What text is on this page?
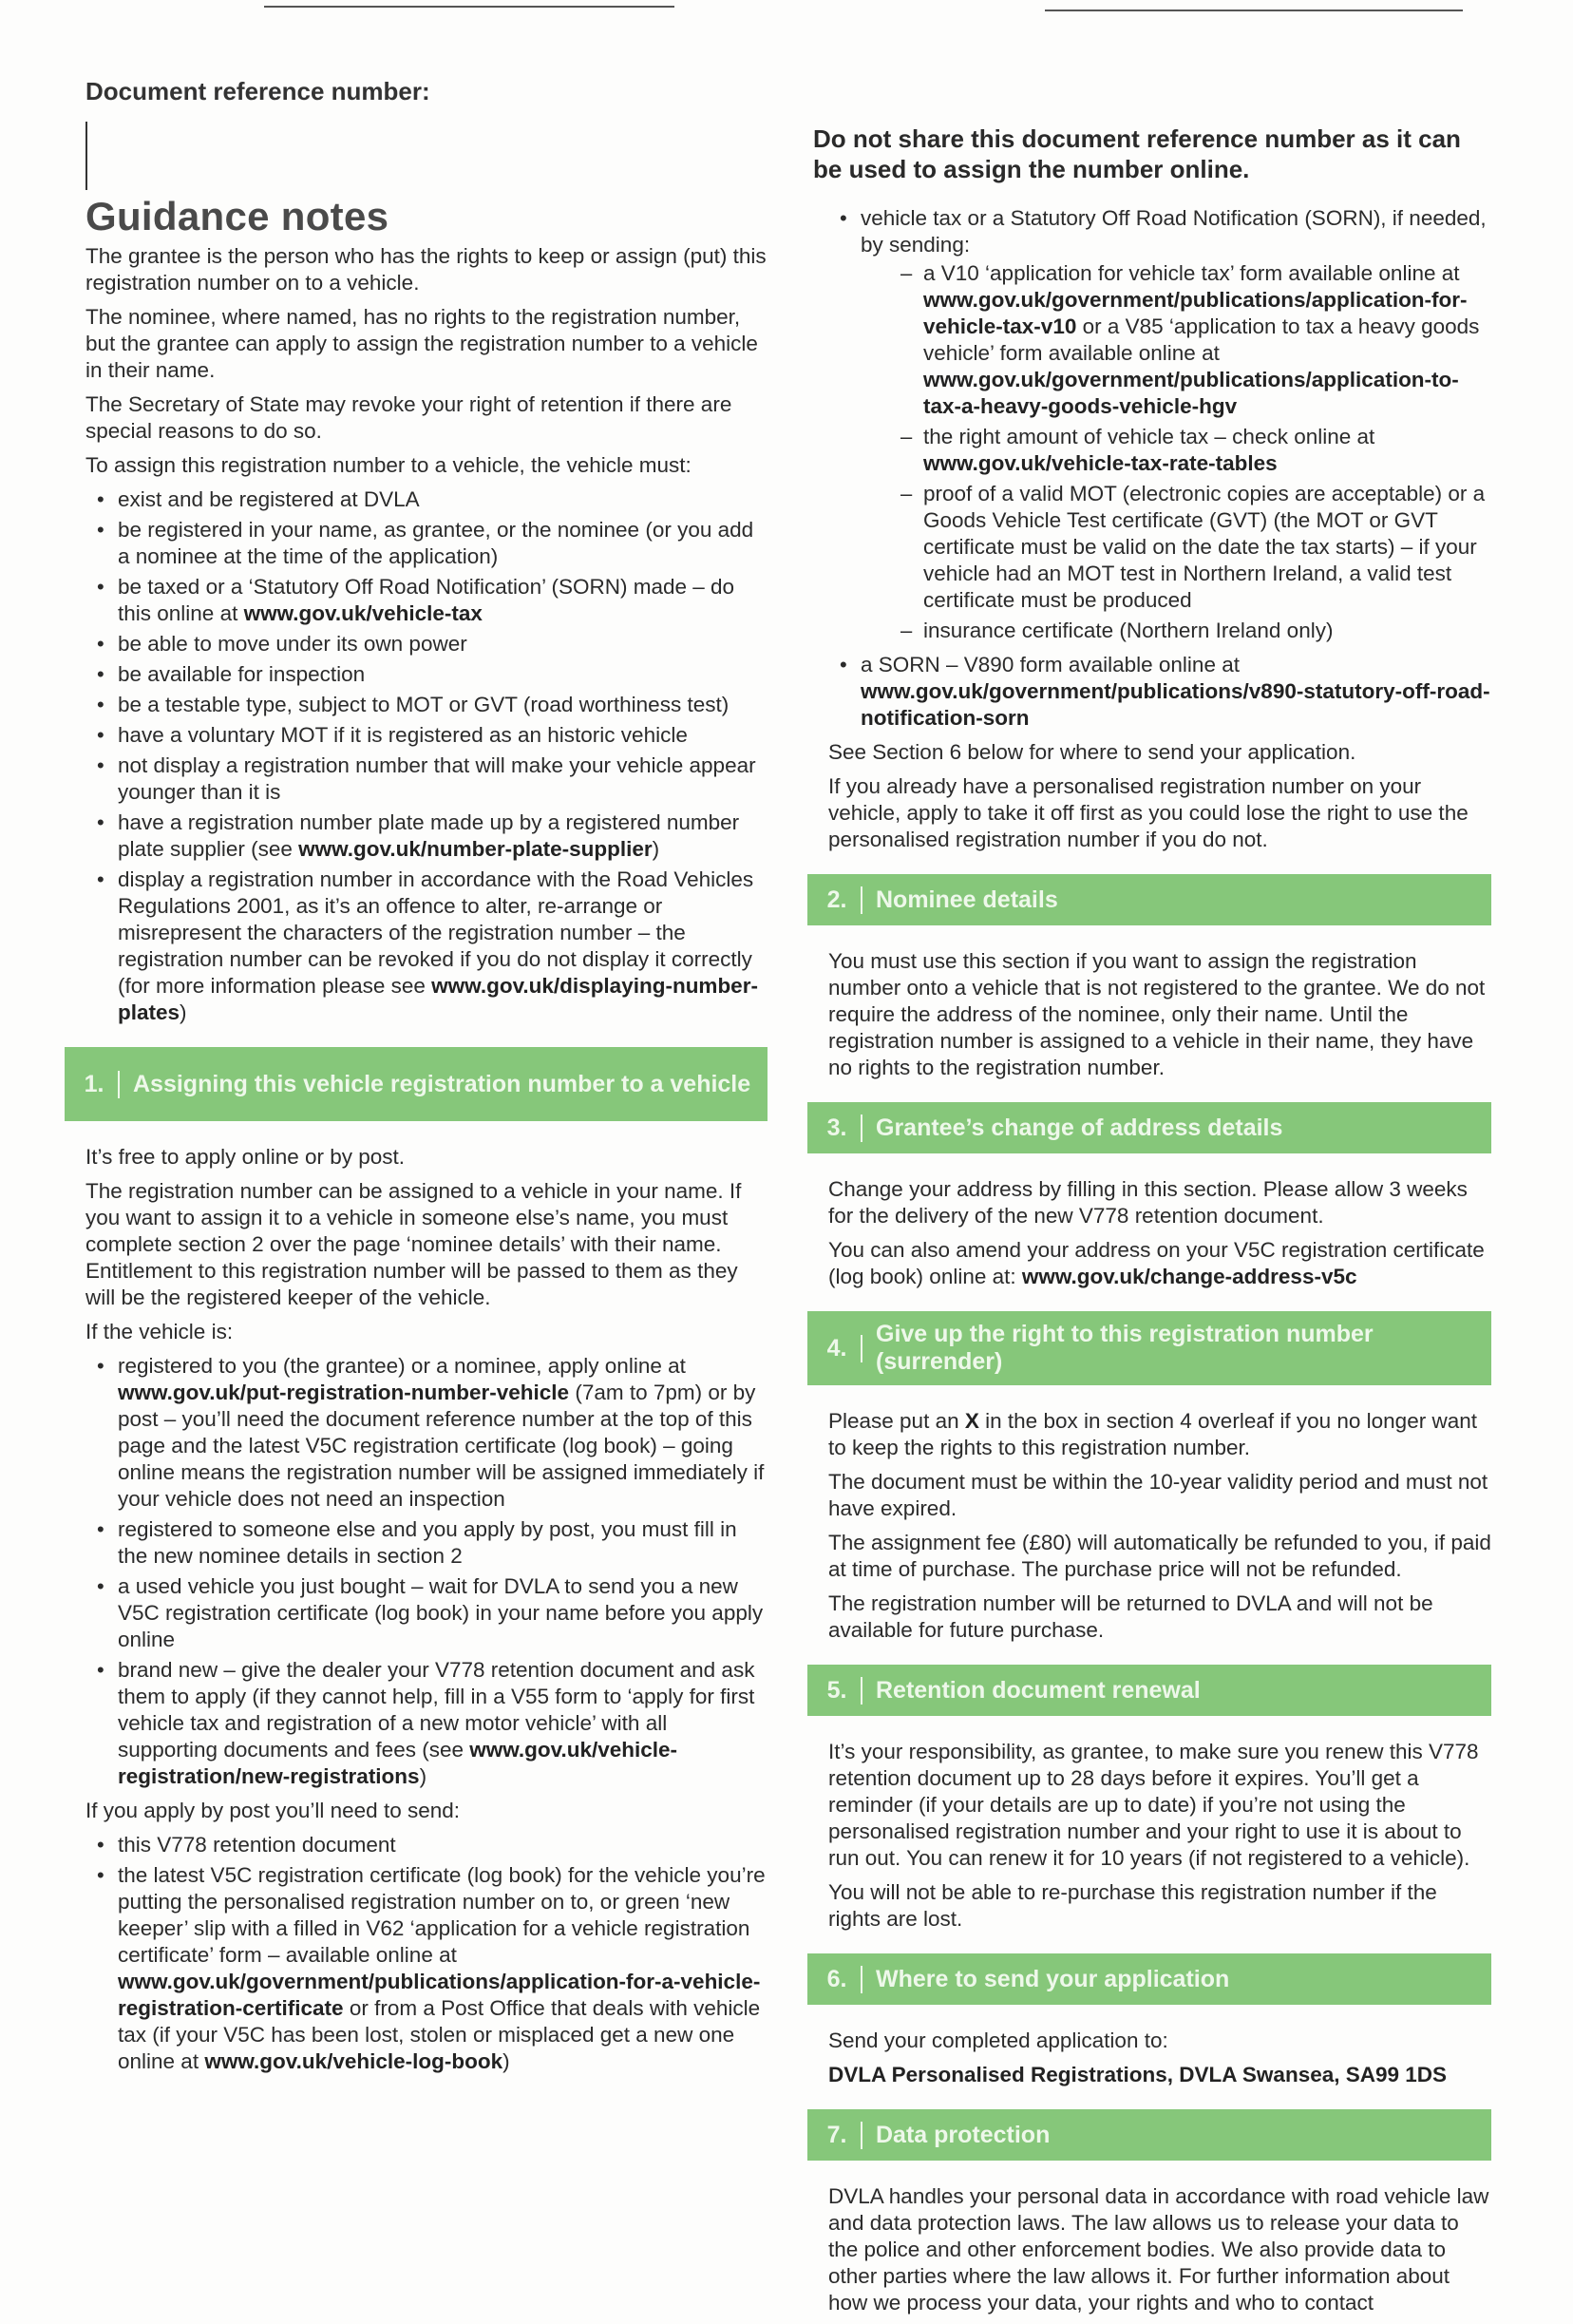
Document reference number:
Guidance notes

The grantee is the person who has the rights to keep or assign (put) this registration number on to a vehicle.

The nominee, where named, has no rights to the registration number, but the grantee can apply to assign the registration number to a vehicle in their name.

The Secretary of State may revoke your right of retention if there are special reasons to do so.

To assign this registration number to a vehicle, the vehicle must:

• exist and be registered at DVLA
• be registered in your name, as grantee, or the nominee (or you add a nominee at the time of the application)
• be taxed or a ‘Statutory Off Road Notification’ (SORN) made – do this online at www.gov.uk/vehicle-tax
• be able to move under its own power
• be available for inspection
• be a testable type, subject to MOT or GVT (road worthiness test)
• have a voluntary MOT if it is registered as an historic vehicle
• not display a registration number that will make your vehicle appear younger than it is
• have a registration number plate made up by a registered number plate supplier (see www.gov.uk/number-plate-supplier)
• display a registration number in accordance with the Road Vehicles Regulations 2001, as it’s an offence to alter, re-arrange or misrepresent the characters of the registration number – the registration number can be revoked if you do not display it correctly (for more information please see www.gov.uk/displaying-number-plates)
1.	Assigning this vehicle registration number to a vehicle

It’s free to apply online or by post.

The registration number can be assigned to a vehicle in your name. If you want to assign it to a vehicle in someone else’s name, you must complete section 2 over the page ‘nominee details’ with their name. Entitlement to this registration number will be passed to them as they will be the registered keeper of the vehicle.

If the vehicle is:

• registered to you (the grantee) or a nominee, apply online at www.gov.uk/put-registration-number-vehicle (7am to 7pm) or by post – you’ll need the document reference number at the top of this page and the latest V5C registration certificate (log book) – going online means the registration number will be assigned immediately if your vehicle does not need an inspection
• registered to someone else and you apply by post, you must fill in the new nominee details in section 2
• a used vehicle you just bought – wait for DVLA to send you a new V5C registration certificate (log book) in your name before you apply online
• brand new – give the dealer your V778 retention document and ask them to apply (if they cannot help, fill in a V55 form to ‘apply for first vehicle tax and registration of a new motor vehicle’ with all supporting documents and fees (see www.gov.uk/vehicle-registration/new-registrations)

If you apply by post you’ll need to send:

• this V778 retention document
• the latest V5C registration certificate (log book) for the vehicle you’re putting the personalised registration number on to, or green ‘new keeper’ slip with a filled in V62 ‘application for a vehicle registration certificate’ form – available online at www.gov.uk/government/publications/application-for-a-vehicle-registration-certificate or from a Post Office that deals with vehicle tax (if your V5C has been lost, stolen or misplaced get a new one online at www.gov.uk/vehicle-log-book)
Do not share this document reference number as it can be used to assign the number online.
• vehicle tax or a Statutory Off Road Notification (SORN), if needed, by sending:
– a V10 ‘application for vehicle tax’ form available online at www.gov.uk/government/publications/application-for-vehicle-tax-v10 or a V85 ‘application to tax a heavy goods vehicle’ form available online at www.gov.uk/government/publications/application-to-tax-a-heavy-goods-vehicle-hgv
– the right amount of vehicle tax – check online at www.gov.uk/vehicle-tax-rate-tables
– proof of a valid MOT (electronic copies are acceptable) or a Goods Vehicle Test certificate (GVT) (the MOT or GVT certificate must be valid on the date the tax starts) – if your vehicle had an MOT test in Northern Ireland, a valid test certificate must be produced
– insurance certificate (Northern Ireland only)
• a SORN – V890 form available online at www.gov.uk/government/publications/v890-statutory-off-road-notification-sorn

See Section 6 below for where to send your application.

If you already have a personalised registration number on your vehicle, apply to take it off first as you could lose the right to use the personalised registration number if you do not.

2.	Nominee details

You must use this section if you want to assign the registration number onto a vehicle that is not registered to the grantee. We do not require the address of the nominee, only their name. Until the registration number is assigned to a vehicle in their name, they have no rights to the registration number.

3.	Grantee’s change of address details

Change your address by filling in this section. Please allow 3 weeks for the delivery of the new V778 retention document.

You can also amend your address on your V5C registration certificate (log book) online at: www.gov.uk/change-address-v5c

4.
Give up the right to this registration number (surrender)

Please put an X in the box in section 4 overleaf if you no longer want to keep the rights to this registration number.

The document must be within the 10-year validity period and must not have expired.

The assignment fee (£80) will automatically be refunded to you, if paid at time of purchase. The purchase price will not be refunded.

The registration number will be returned to DVLA and will not be available for future purchase.

5.	Retention document renewal

It’s your responsibility, as grantee, to make sure you renew this V778 retention document up to 28 days before it expires. You’ll get a reminder (if your details are up to date) if you’re not using the personalised registration number and your right to use it is about to run out. You can renew it for 10 years (if not registered to a vehicle).

You will not be able to re-purchase this registration number if the rights are lost.

6.	Where to send your application

Send your completed application to:

DVLA Personalised Registrations, DVLA Swansea, SA99 1DS

7.	Data protection

DVLA handles your personal data in accordance with road vehicle law and data protection laws. The law allows us to release your data to the police and other enforcement bodies. We also provide data to other parties where the law allows it. For further information about how we process your data, your rights and who to contact
